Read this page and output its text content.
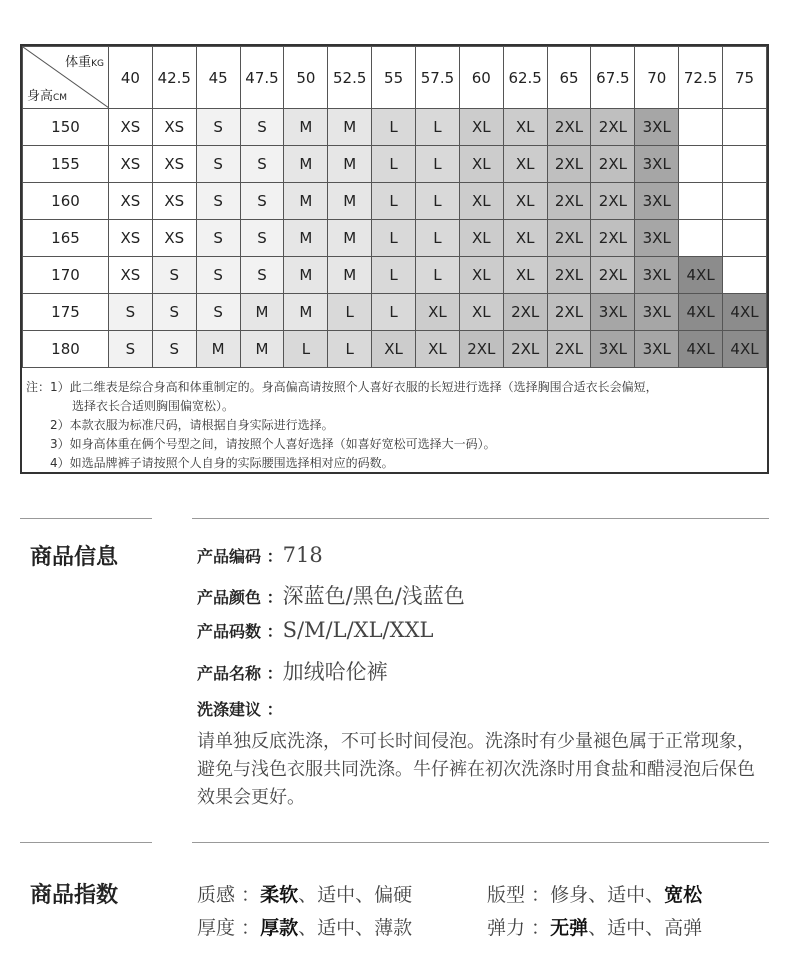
体重KG
身高CM	40	42.5	45	47.5	50	52.5	55	57.5	60	62.5	65	67.5	70	72.5	75
150	XS	XS	S	S	M	M	L	L	XL	XL	2XL	2XL	3XL		
155	XS	XS	S	S	M	M	L	L	XL	XL	2XL	2XL	3XL		
160	XS	XS	S	S	M	M	L	L	XL	XL	2XL	2XL	3XL		
165	XS	XS	S	S	M	M	L	L	XL	XL	2XL	2XL	3XL		
170	XS	S	S	S	M	M	L	L	XL	XL	2XL	2XL	3XL	4XL	
175	S	S	S	M	M	L	L	XL	XL	2XL	2XL	3XL	3XL	4XL	4XL
180	S	S	M	M	L	L	XL	XL	2XL	2XL	2XL	3XL	3XL	4XL	4XL
注：1）此二维表是综合身高和体重制定的。身高偏高请按照个人喜好衣服的长短进行选择（选择胸围合适衣长会偏短，
选择衣长合适则胸围偏宽松）。
2）本款衣服为标准尺码，请根据自身实际进行选择。
3）如身高体重在俩个号型之间，请按照个人喜好选择（如喜好宽松可选择大一码）。
4）如选品牌裤子请按照个人自身的实际腰围选择相对应的码数。
商品信息	产品编码 ：718
产品颜色 ：深蓝色/黑色/浅蓝色
产品码数 ：S/M/L/XL/XXL
产品名称 ：加绒哈伦裤
洗涤建议 ：
请单独反底洗涤，不可长时间侵泡。洗涤时有少量褪色属于正常现象，避免与浅色衣服共同洗涤。牛仔裤在初次洗涤时用食盐和醋浸泡后保色效果会更好。
商品指数	质感 ：柔软、适中、偏硬	版型 ：修身、适中、宽松
厚度 ：厚款、适中、薄款	弹力 ：无弹、适中、高弹
